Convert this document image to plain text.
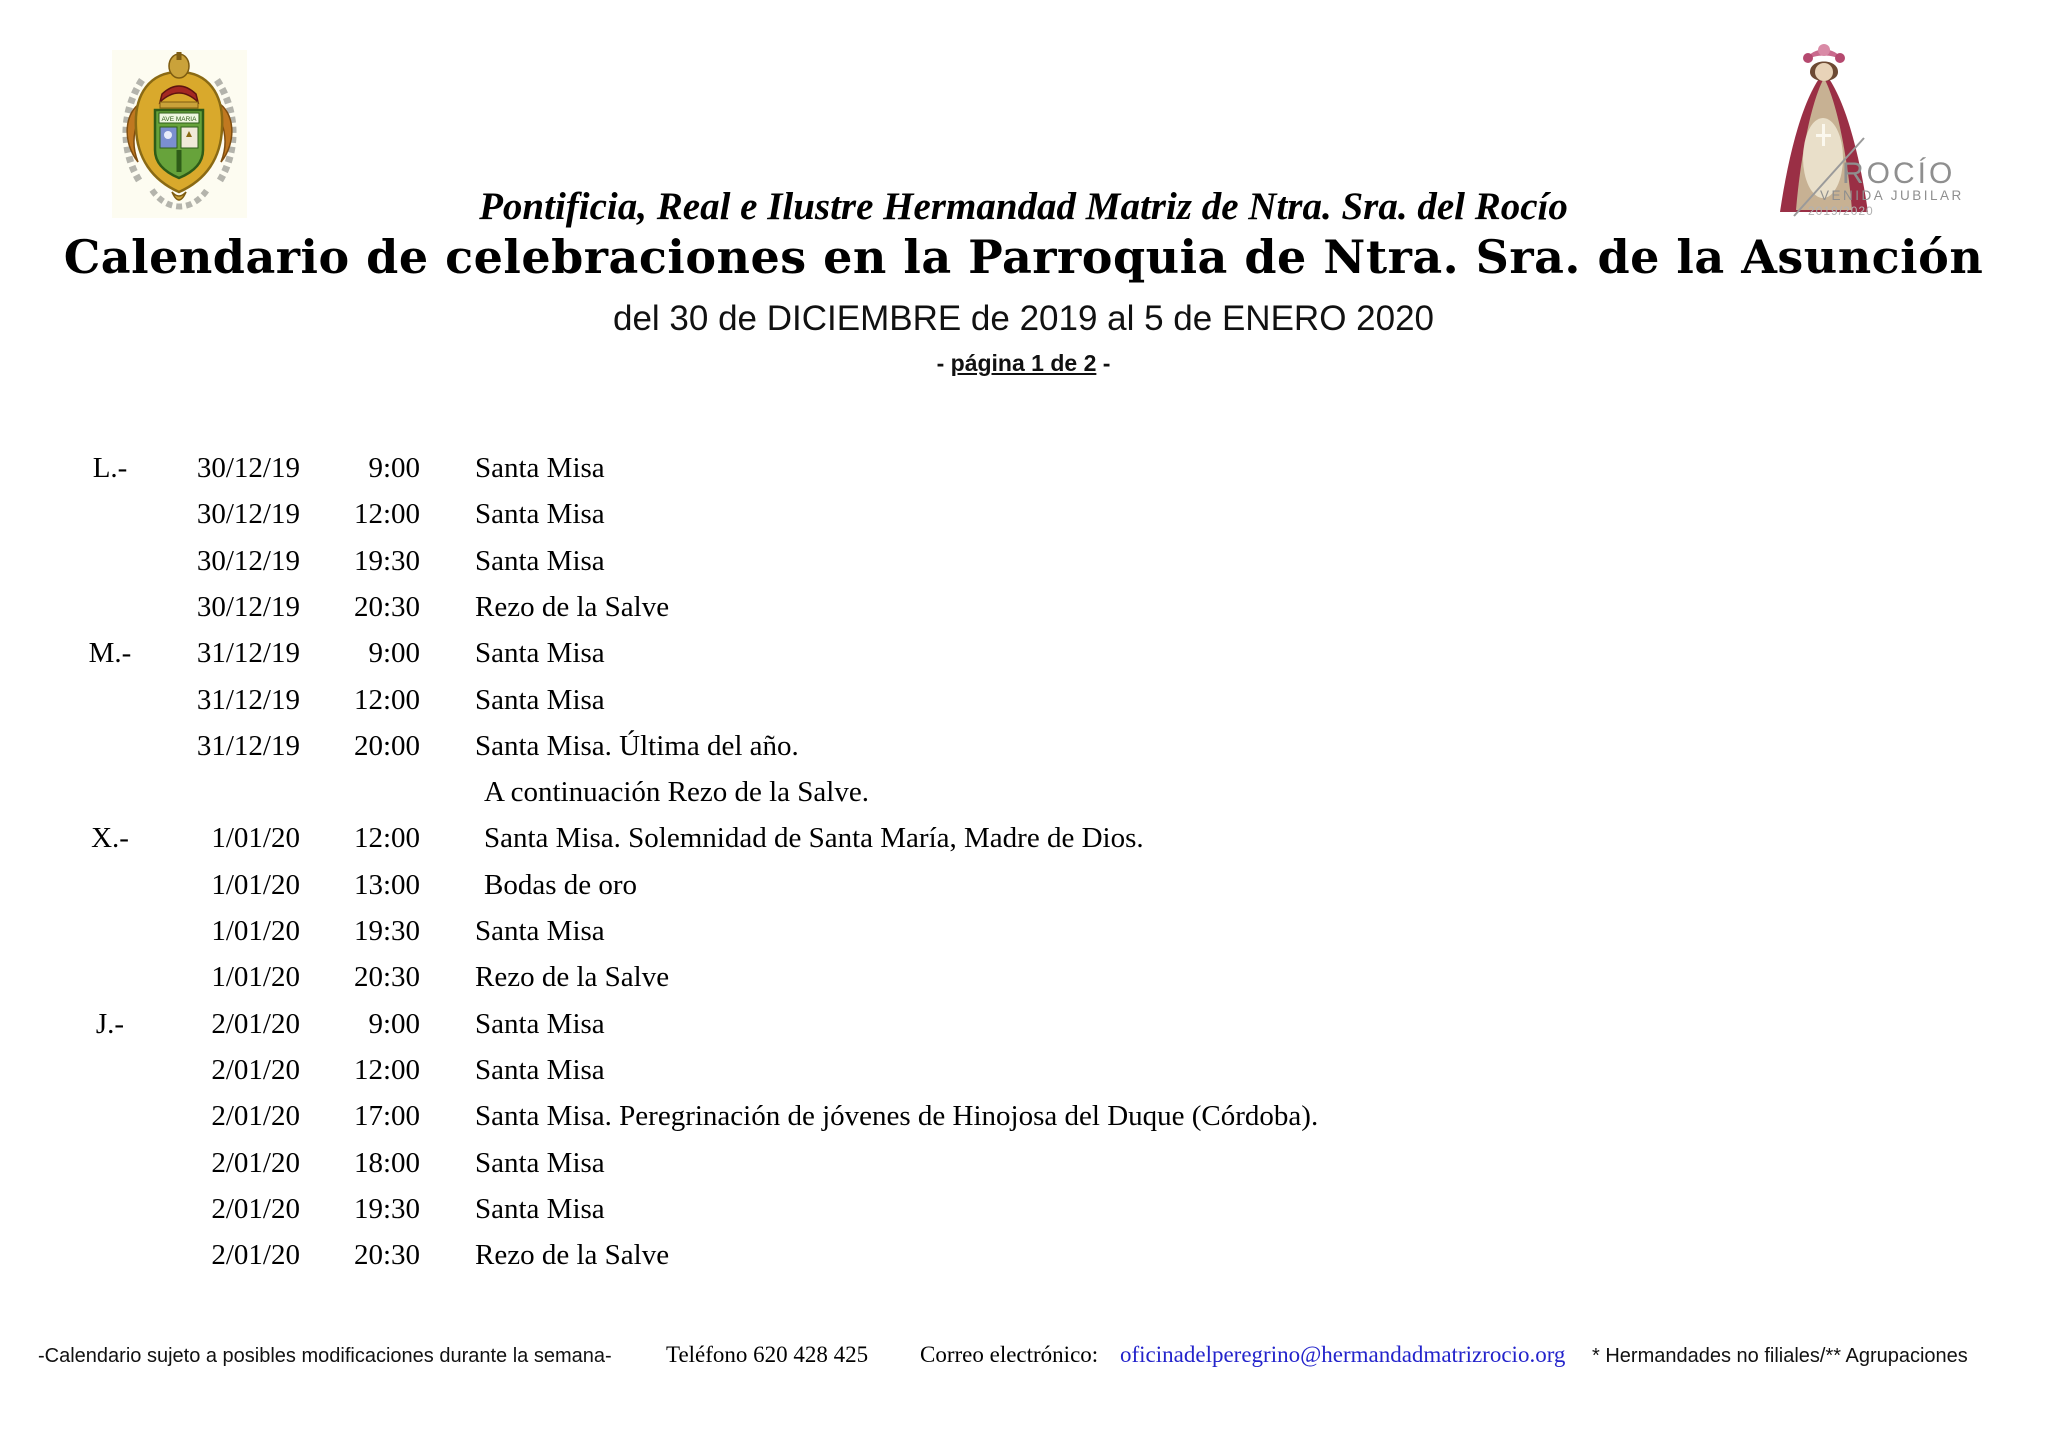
AVE MARIA
ROCÍO
VENIDA JUBILAR
2019/2020
Pontificia, Real e Ilustre Hermandad Matriz de Ntra. Sra. del Rocío
Calendario de celebraciones en la Parroquia de Ntra. Sra. de la Asunción
del 30 de DICIEMBRE de 2019 al 5 de ENERO 2020
- página 1 de 2 -
L.-	30/12/19	9:00 Santa Misa
30/12/19	12:00 Santa Misa
30/12/19	19:30 Santa Misa
30/12/19	20:30 Rezo de la Salve
M.-	31/12/19	9:00 Santa Misa
31/12/19	12:00 Santa Misa
31/12/19	20:00 Santa Misa. Última del año.
A continuación Rezo de la Salve.
X.-	1/01/20	12:00	Santa Misa. Solemnidad de Santa María, Madre de Dios.
1/01/20	13:00	Bodas de oro
1/01/20	19:30 Santa Misa
1/01/20	20:30 Rezo de la Salve
J.-	2/01/20	9:00 Santa Misa
2/01/20	12:00 Santa Misa
2/01/20	17:00 Santa Misa. Peregrinación de jóvenes de Hinojosa del Duque (Córdoba).
2/01/20	18:00 Santa Misa
2/01/20	19:30 Santa Misa
2/01/20	20:30 Rezo de la Salve
-Calendario sujeto a posibles modificaciones durante la semana- Teléfono 620 428 425 Correo electrónico: oficinadelperegrino@hermandadmatrizrocio.org * Hermandades no filiales/** Agrupaciones
